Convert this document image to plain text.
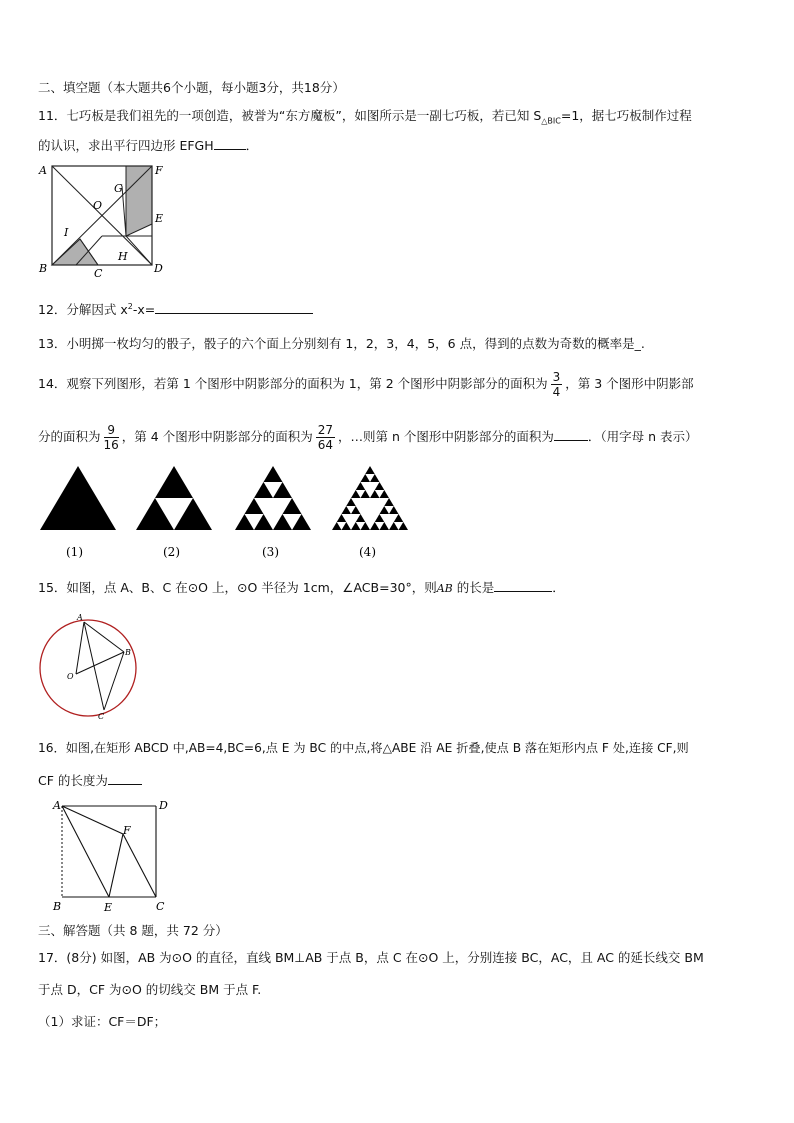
二、填空题（本大题共6个小题，每小题3分，共18分）
11．七巧板是我们祖先的一项创造，被誉为“东方魔板”，如图所示是一副七巧板，若已知 $S_{\triangle BIC}=1$，据七巧板制作过程
的认识，求出平行四边形 EFGH	．
A	F
G
O
E
I
B	C
H
D
12．分解因式 $x^2-x=$
13．小明掷一枚均匀的骰子，骰子的六个面上分别刻有 1，2，3，4，5，6 点，得到的点数为奇数的概率是_.
14．观察下列图形，若第 1 个图形中阴影部分的面积为 1，第 2 个图形中阴影部分的面积为 $\frac{3}{4}$ ，第 3 个图形中阴影部
分的面积为 $\frac{9}{16}$ ，第 4 个图形中阴影部分的面积为 $\frac{27}{64}$ ，…则第 n 个图形中阴影部分的面积为	．（用字母 n 表示）
(1)	(2)	(3)	(4)
15．如图，点 A、B、C 在⊙O 上，⊙O 半径为 1cm，∠ACB=30°，则AB 的长是	．
A
B
O
C
16．如图,在矩形 ABCD 中,AB=4,BC=6,点 E 为 BC 的中点,将△ABE 沿 AE 折叠,使点 B 落在矩形内点 F 处,连接 CF,则
CF 的长度为
A	D
F
B	E	C
三、解答题（共 8 题，共 72 分）
17．(8分) 如图，AB 为⊙O 的直径，直线 BM⊥AB 于点 B，点 C 在⊙O 上，分别连接 BC，AC，且 AC 的延长线交 BM
于点 D，CF 为⊙O 的切线交 BM 于点 F.
（1）求证：CF＝DF；
